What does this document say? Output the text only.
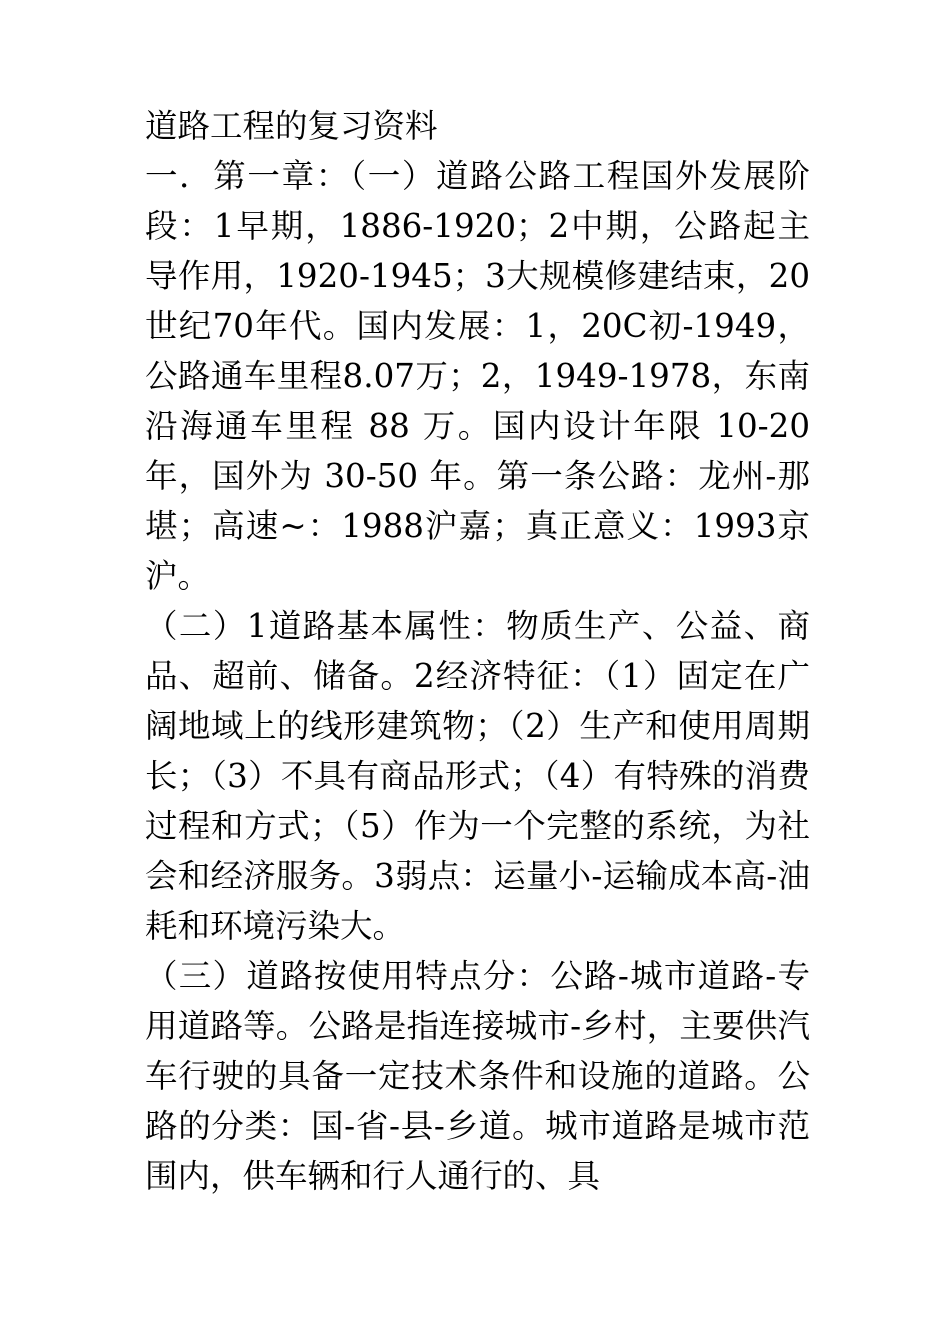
道路工程的复习资料

一．第一章：（一）道路公路工程国外发展阶段：1早期，1886-1920；2中期，公路起主导作用，1920-1945；3大规模修建结束，20世纪70年代。国内发展：1，20C初-1949，公路通车里程8.07万；2，1949-1978，东南沿海通车里程 88 万。国内设计年限 10-20年，国外为 30-50 年。第一条公路：龙州-那堪；高速~：1988沪嘉；真正意义：1993京沪。

（二）1道路基本属性：物质生产、公益、商品、超前、储备。2经济特征：（1）固定在广阔地域上的线形建筑物；（2）生产和使用周期长；（3）不具有商品形式；（4）有特殊的消费过程和方式；（5）作为一个完整的系统，为社会和经济服务。3弱点：运量小-运输成本高-油耗和环境污染大。

（三）道路按使用特点分：公路-城市道路-专用道路等。公路是指连接城市-乡村，主要供汽车行驶的具备一定技术条件和设施的道路。公路的分类：国-省-县-乡道。城市道路是城市范围内，供车辆和行人通行的、具
